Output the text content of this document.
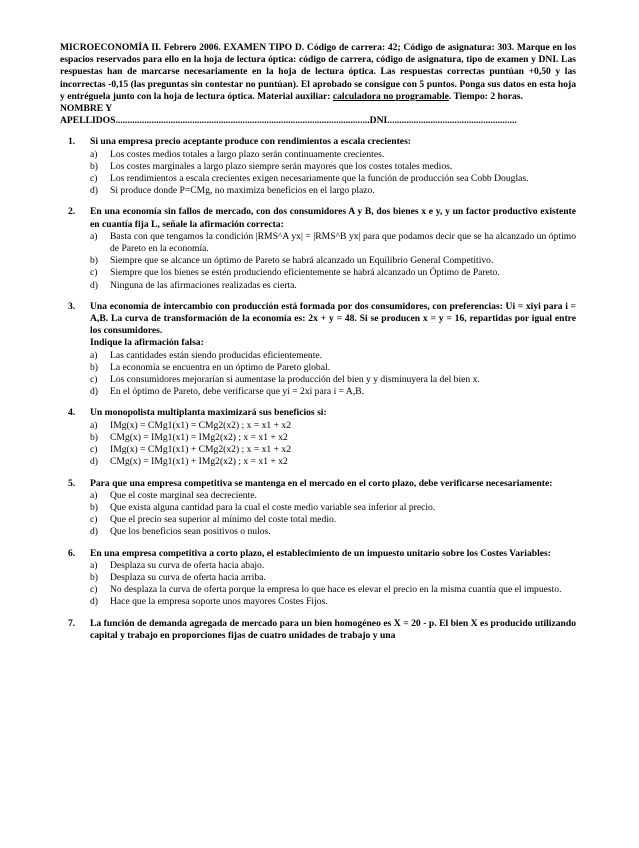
MICROECONOMÍA II. Febrero 2006. EXAMEN TIPO D. Código de carrera: 42; Código de asignatura: 303. Marque en los espacios reservados para ello en la hoja de lectura óptica: código de carrera, código de asignatura, tipo de examen y DNI. Las respuestas han de marcarse necesariamente en la hoja de lectura óptica. Las respuestas correctas puntúan +0,50 y las incorrectas -0,15 (las preguntas sin contestar no puntúan). El aprobado se consigue con 5 puntos. Ponga sus datos en esta hoja y entréguela junto con la hoja de lectura óptica. Material auxiliar: calculadora no programable. Tiempo: 2 horas.

NOMBRE Y

APELLIDOS..........................................................................................................DNI......................................................

1.	Si una empresa precio aceptante produce con rendimientos a escala crecientes:
a)	Los costes medios totales a largo plazo serán continuamente crecientes.
b)	Los costes marginales a largo plazo siempre serán mayores que los costes totales medios.
c)	Los rendimientos a escala crecientes exigen necesariamente que la función de producción sea Cobb Douglas.
d)	Si produce donde P=CMg, no maximiza beneficios en el largo plazo.
2.	En una economía sin fallos de mercado, con dos consumidores A y B, dos bienes x e y, y un factor productivo existente en cuantía fija L, señale la afirmación correcta:
a)	Basta con que tengamos la condición |RMS^A yx| = |RMS^B yx| para que podamos decir que se ha alcanzado un óptimo de Pareto en la economía.
b)	Siempre que se alcance un óptimo de Pareto se habrá alcanzado un Equilibrio General Competitivo.
c)	Siempre que los bienes se estén produciendo eficientemente se habrá alcanzado un Óptimo de Pareto.
d)	Ninguna de las afirmaciones realizadas es cierta.
3.	Una economía de intercambio con producción está formada por dos consumidores, con preferencias: Ui = xiyi para i = A,B. La curva de transformación de la economía es: 2x + y = 48. Si se producen x = y = 16, repartidas por igual entre los consumidores.
Indique la afirmación falsa:
a)	Las cantidades están siendo producidas eficientemente.
b)	La economía se encuentra en un óptimo de Pareto global.
c)	Los consumidores mejorarían si aumentase la producción del bien y y disminuyera la del bien x.
d)	En el óptimo de Pareto, debe verificarse que yi = 2xi para i = A,B.
4.	Un monopolista multiplanta maximizará sus beneficios si:
a)	IMg(x) = CMg1(x1) = CMg2(x2) ; x = x1 + x2
b)	CMg(x) = IMg1(x1) = IMg2(x2) ; x = x1 + x2
c)	IMg(x) = CMg1(x1) + CMg2(x2) ; x = x1 + x2
d)	CMg(x) = IMg1(x1) + IMg2(x2) ; x = x1 + x2
5.	Para que una empresa competitiva se mantenga en el mercado en el corto plazo, debe verificarse necesariamente:
a)	Que el coste marginal sea decreciente.
b)	Que exista alguna cantidad para la cual el coste medio variable sea inferior al precio.
c)	Que el precio sea superior al mínimo del coste total medio.
d)	Que los beneficios sean positivos o nulos.
6.	En una empresa competitiva a corto plazo, el establecimiento de un impuesto unitario sobre los Costes Variables:
a)	Desplaza su curva de oferta hacia abajo.
b)	Desplaza su curva de oferta hacia arriba.
c)	No desplaza la curva de oferta porque la empresa lo que hace es elevar el precio en la misma cuantía que el impuesto.
d)	Hace que la empresa soporte unos mayores Costes Fijos.
7.	La función de demanda agregada de mercado para un bien homogéneo es X = 20 - p. El bien X es producido utilizando capital y trabajo en proporciones fijas de cuatro unidades de trabajo y una
